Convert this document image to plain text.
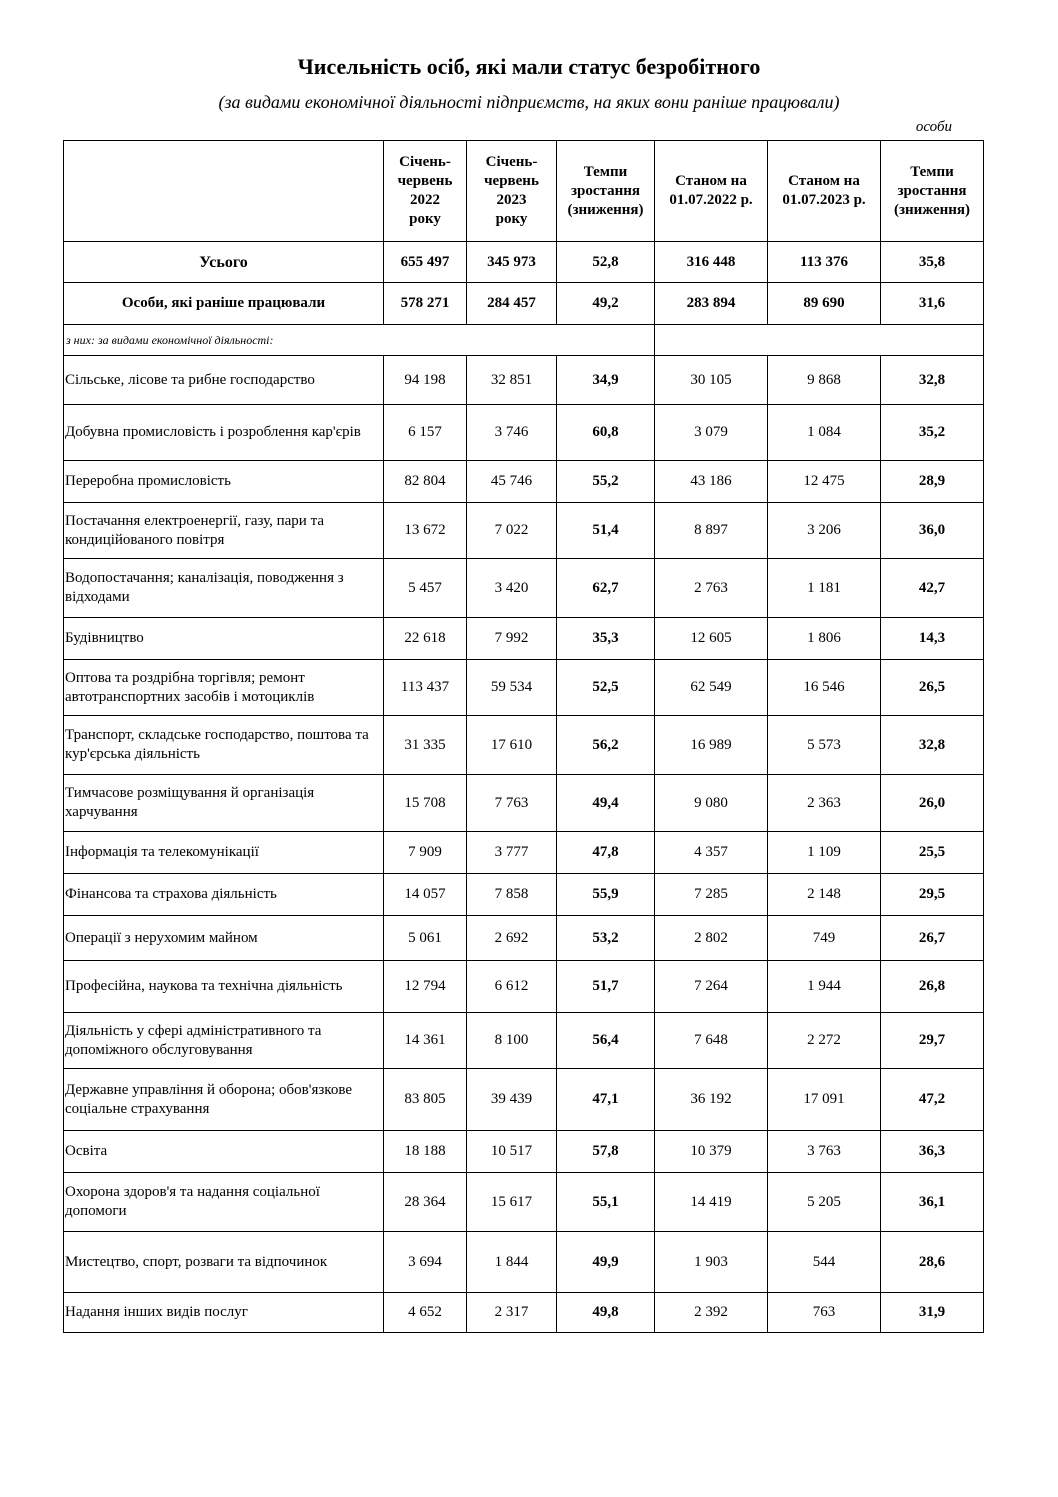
Чисельність осіб, які мали статус безробітного
(за видами економічної діяльності підприємств, на яких вони раніше працювали)
особи

	Січень-
червень
2022
року	Січень-
червень
2023
року	Темпи
зростання
(зниження)	Станом на
01.07.2022 р.	Станом на
01.07.2023 р.	Темпи
зростання
(зниження)

Усього	655 497	345 973	52,8	316 448	113 376	35,8
Особи, які раніше працювали	578 271	284 457	49,2	283 894	89 690	31,6
з них: за видами економічної діяльності:						
Сільське, лісове та рибне господарство	94 198	32 851	34,9	30 105	9 868	32,8
Добувна промисловість і розроблення кар'єрів	6 157	3 746	60,8	3 079	1 084	35,2
Переробна промисловість	82 804	45 746	55,2	43 186	12 475	28,9
Постачання електроенергії, газу, пари та кондиційованого повітря	13 672	7 022	51,4	8 897	3 206	36,0
Водопостачання; каналізація, поводження з відходами	5 457	3 420	62,7	2 763	1 181	42,7
Будівництво	22 618	7 992	35,3	12 605	1 806	14,3
Оптова та роздрібна торгівля; ремонт автотранспортних засобів і мотоциклів	113 437	59 534	52,5	62 549	16 546	26,5
Транспорт, складське господарство, поштова та кур'єрська діяльність	31 335	17 610	56,2	16 989	5 573	32,8
Тимчасове розміщування й організація харчування	15 708	7 763	49,4	9 080	2 363	26,0
Інформація та телекомунікації	7 909	3 777	47,8	4 357	1 109	25,5
Фінансова та страхова діяльність	14 057	7 858	55,9	7 285	2 148	29,5
Операції з нерухомим майном	5 061	2 692	53,2	2 802	749	26,7
Професійна, наукова та технічна діяльність	12 794	6 612	51,7	7 264	1 944	26,8
Діяльність у сфері адміністративного та допоміжного обслуговування	14 361	8 100	56,4	7 648	2 272	29,7
Державне управління й оборона; обов'язкове соціальне страхування	83 805	39 439	47,1	36 192	17 091	47,2
Освіта	18 188	10 517	57,8	10 379	3 763	36,3
Охорона здоров'я та надання соціальної допомоги	28 364	15 617	55,1	14 419	5 205	36,1
Мистецтво, спорт, розваги та відпочинок	3 694	1 844	49,9	1 903	544	28,6
Надання інших видів послуг	4 652	2 317	49,8	2 392	763	31,9
